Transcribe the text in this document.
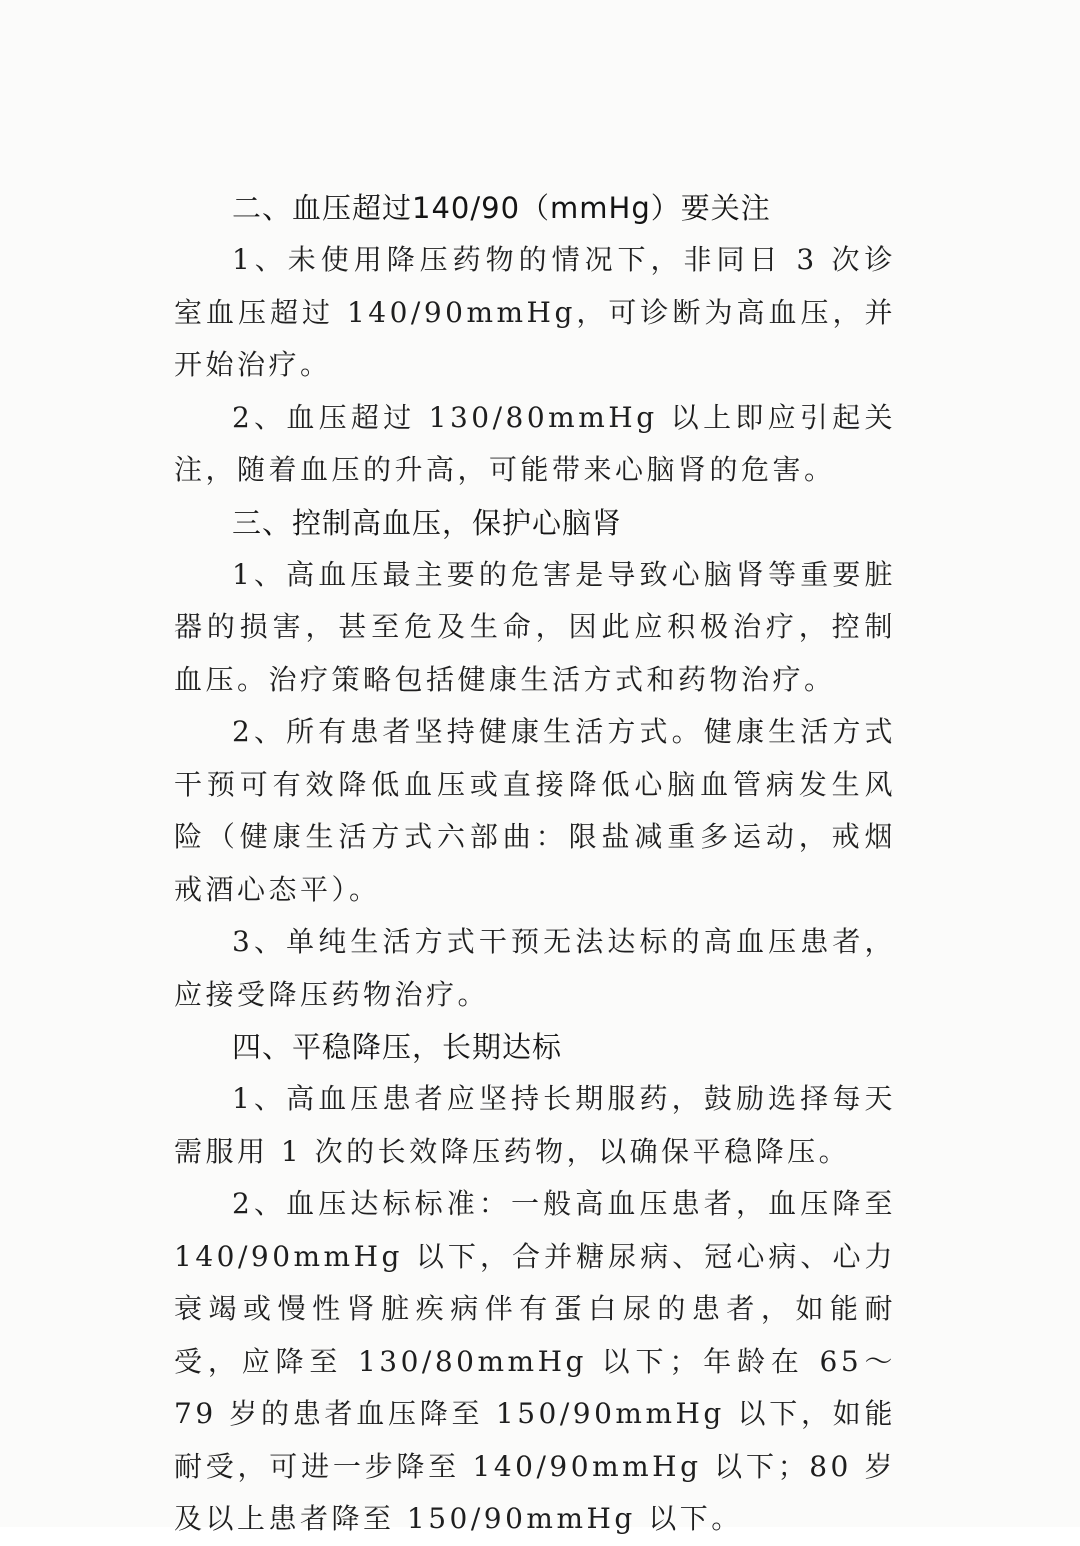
二、血压超过140/90（mmHg）要关注

1、未使用降压药物的情况下，非同日 3 次诊室血压超过 140/90mmHg，可诊断为高血压，并开始治疗。

2、血压超过 130/80mmHg 以上即应引起关注，随着血压的升高，可能带来心脑肾的危害。

三、控制高血压，保护心脑肾

1、高血压最主要的危害是导致心脑肾等重要脏器的损害，甚至危及生命，因此应积极治疗，控制血压。治疗策略包括健康生活方式和药物治疗。

2、所有患者坚持健康生活方式。健康生活方式干预可有效降低血压或直接降低心脑血管病发生风险（健康生活方式六部曲：限盐减重多运动，戒烟戒酒心态平）。

3、单纯生活方式干预无法达标的高血压患者，应接受降压药物治疗。

四、平稳降压，长期达标

1、高血压患者应坚持长期服药，鼓励选择每天需服用 1 次的长效降压药物，以确保平稳降压。

2、血压达标标准：一般高血压患者，血压降至 140/90mmHg 以下，合并糖尿病、冠心病、心力衰竭或慢性肾脏疾病伴有蛋白尿的患者，如能耐受，应降至 130/80mmHg 以下；年龄在 65～79 岁的患者血压降至 150/90mmHg 以下，如能耐受，可进一步降至 140/90mmHg 以下；80 岁及以上患者降至 150/90mmHg 以下。
